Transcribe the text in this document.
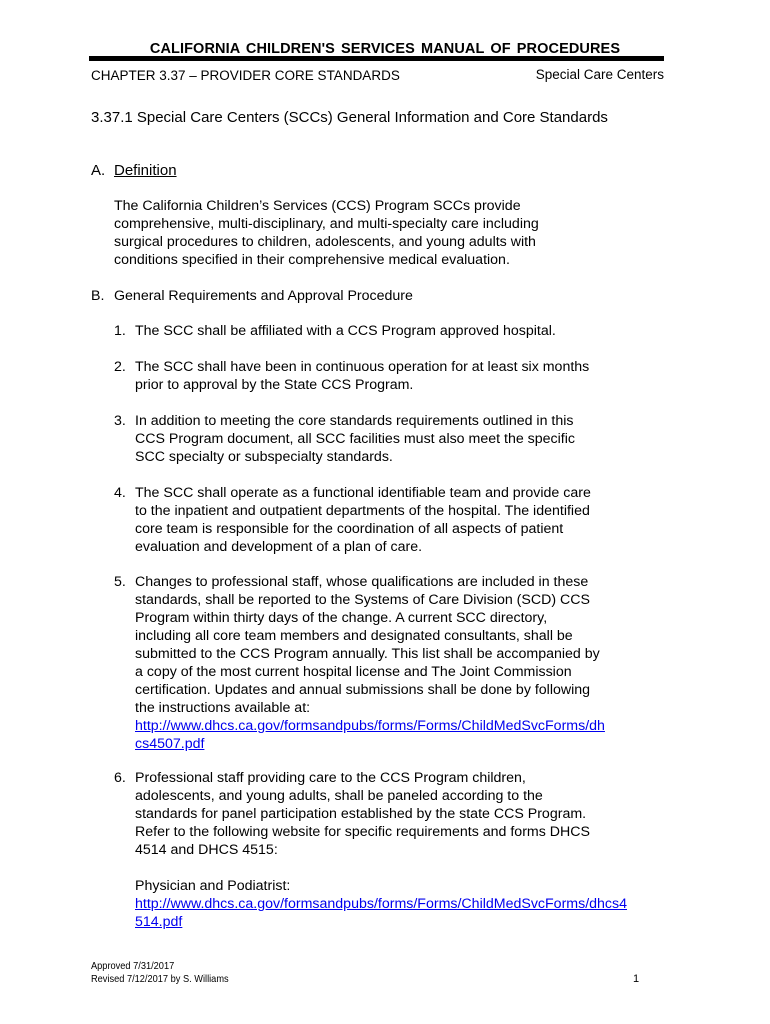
CALIFORNIA CHILDREN'S SERVICES MANUAL OF PROCEDURES
CHAPTER 3.37 – PROVIDER CORE STANDARDS	Special Care Centers
3.37.1 Special Care Centers (SCCs) General Information and Core Standards
A. Definition
The California Children’s Services (CCS) Program SCCs provide
comprehensive, multi-disciplinary, and multi-specialty care including
surgical procedures to children, adolescents, and young adults with
conditions specified in their comprehensive medical evaluation.
B. General Requirements and Approval Procedure
1. The SCC shall be affiliated with a CCS Program approved hospital.
2. The SCC shall have been in continuous operation for at least six months
prior to approval by the State CCS Program.
3. In addition to meeting the core standards requirements outlined in this
CCS Program document, all SCC facilities must also meet the specific
SCC specialty or subspecialty standards.
4. The SCC shall operate as a functional identifiable team and provide care
to the inpatient and outpatient departments of the hospital. The identified
core team is responsible for the coordination of all aspects of patient
evaluation and development of a plan of care.
5. Changes to professional staff, whose qualifications are included in these
standards, shall be reported to the Systems of Care Division (SCD) CCS
Program within thirty days of the change. A current SCC directory,
including all core team members and designated consultants, shall be
submitted to the CCS Program annually. This list shall be accompanied by
a copy of the most current hospital license and The Joint Commission
certification. Updates and annual submissions shall be done by following
the instructions available at:
http://www.dhcs.ca.gov/formsandpubs/forms/Forms/ChildMedSvcForms/dh
cs4507.pdf
6. Professional staff providing care to the CCS Program children,
adolescents, and young adults, shall be paneled according to the
standards for panel participation established by the state CCS Program.
Refer to the following website for specific requirements and forms DHCS
4514 and DHCS 4515:
Physician and Podiatrist:
http://www.dhcs.ca.gov/formsandpubs/forms/Forms/ChildMedSvcForms/dhcs4
514.pdf
Approved 7/31/2017
Revised 7/12/2017 by S. Williams	1
